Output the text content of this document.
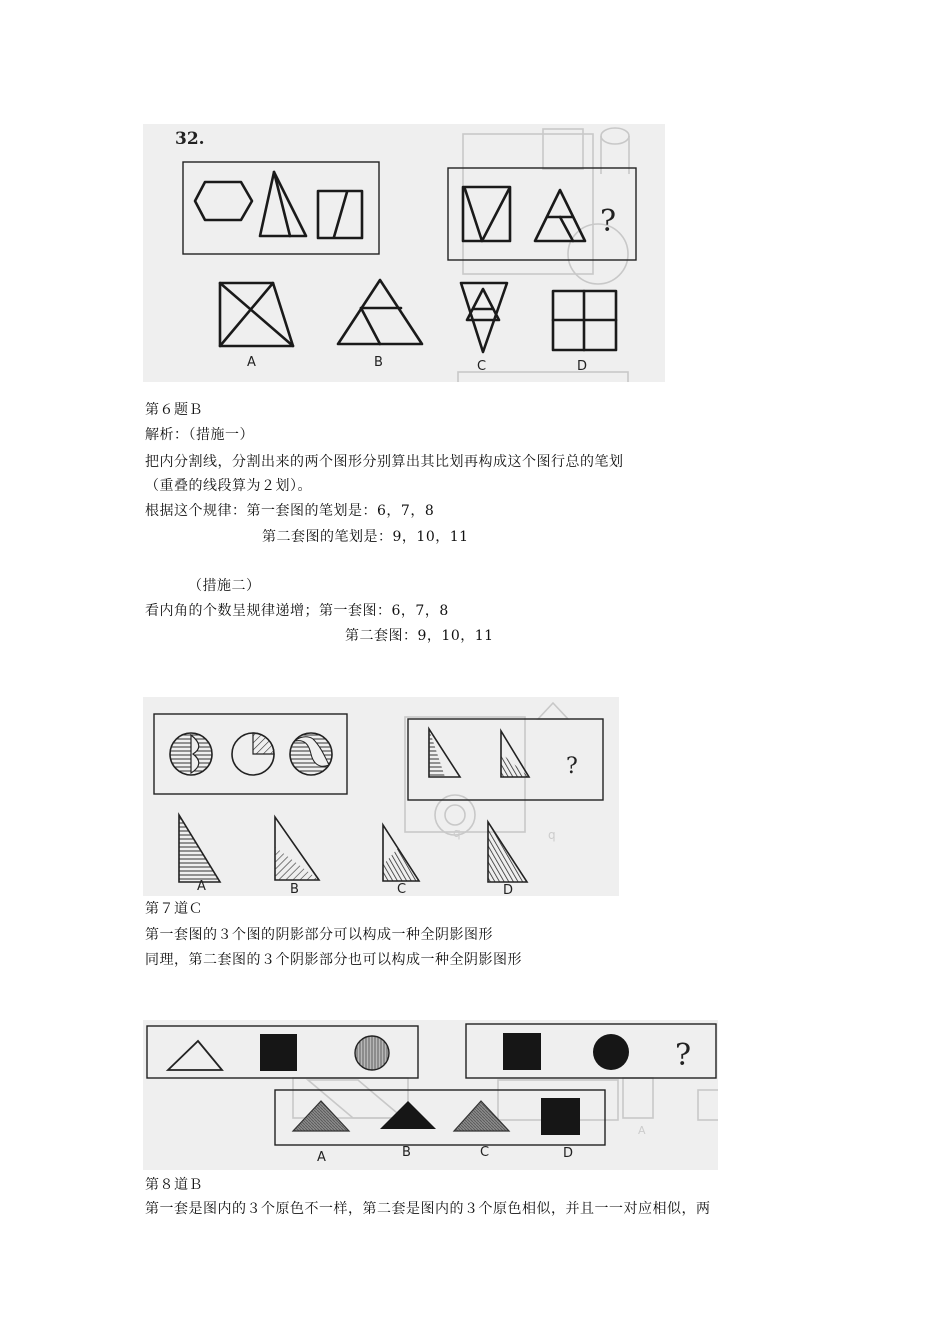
32.
?
A	B	C	D
第６题Ｂ
解析：（措施一）
把内分割线，分割出来的两个图形分别算出其比划再构成这个图行总的笔划
（重叠的线段算为２划）。
根据这个规律：第一套图的笔划是：6，7，8
第二套图的笔划是：9，10，11
（措施二）
看内角的个数呈规律递增；第一套图：6，7，8
第二套图：9，10，11
q	q
?
A	B	C	D
第７道Ｃ
第一套图的３个图的阴影部分可以构成一种全阴影图形
同理，第二套图的３个阴影部分也可以构成一种全阴影图形
A
?
A	B	C	D
第８道Ｂ
第一套是图内的３个原色不一样，第二套是图内的３个原色相似，并且一一对应相似，两
